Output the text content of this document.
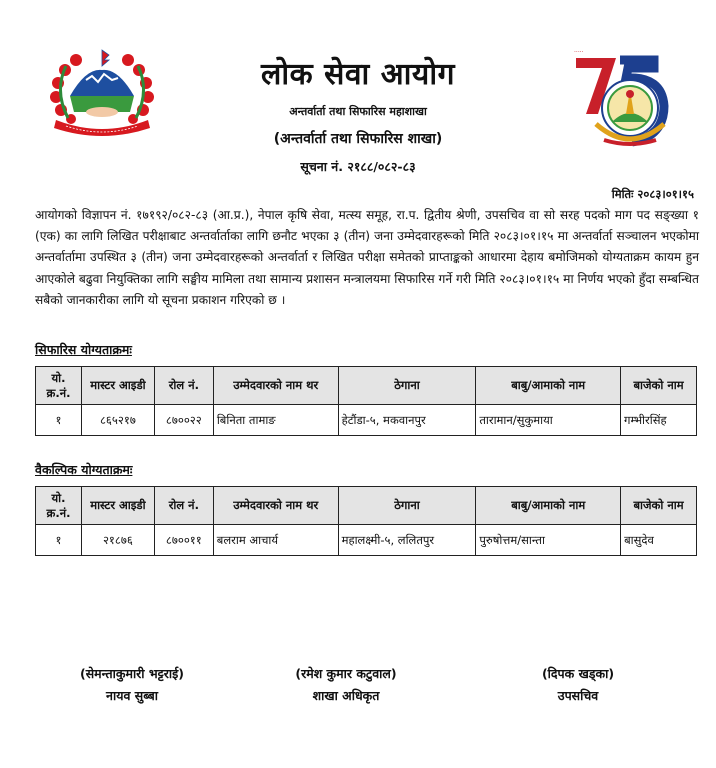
·····
लोक सेवा आयोग
अन्तर्वार्ता तथा सिफारिस महाशाखा
(अन्तर्वार्ता तथा सिफारिस शाखा)
सूचना नं. २१८८/०८२-८३
मितिः २०८३।०१।१५

आयोगको विज्ञापन नं. १७१९२/०८२-८३ (आ.प्र.), नेपाल कृषि सेवा, मत्स्य समूह, रा.प. द्वितीय श्रेणी, उपसचिव वा सो सरह पदको माग पद सङ्ख्या १ (एक) का लागि लिखित परीक्षाबाट अन्तर्वार्ताका लागि छनौट भएका ३ (तीन) जना उम्मेदवारहरूको मिति २०८३।०१।१५ मा अन्तर्वार्ता सञ्चालन भएकोमा अन्तर्वार्तामा उपस्थित ३ (तीन) जना उम्मेदवारहरूको अन्तर्वार्ता र लिखित परीक्षा समेतको प्राप्ताङ्कको आधारमा देहाय बमोजिमको योग्यताक्रम कायम हुन आएकोले बढुवा नियुक्तिका लागि सङ्घीय मामिला तथा सामान्य प्रशासन मन्त्रालयमा सिफारिस गर्ने गरी मिति २०८३।०१।१५ मा निर्णय भएको हुँदा सम्बन्धित सबैको जानकारीका लागि यो सूचना प्रकाशन गरिएको छ ।

सिफारिस योग्यताक्रमः
यो. क्र.नं.	मास्टर आइडी	रोल नं.	उम्मेदवारको नाम थर	ठेगाना	बाबु/आमाको नाम	बाजेको नाम
१	८६५२१७	८७००२२	बिनिता तामाङ	हेटौंडा-५, मकवानपुर	तारामान/सुकुमाया	गम्भीरसिंह
वैकल्पिक योग्यताक्रमः
यो. क्र.नं.	मास्टर आइडी	रोल नं.	उम्मेदवारको नाम थर	ठेगाना	बाबु/आमाको नाम	बाजेको नाम
१	२१८७६	८७००११	बलराम आचार्य	महालक्ष्मी-५, ललितपुर	पुरुषोत्तम/सान्ता	बासुदेव
(सेमन्ताकुमारी भट्टराई)
नायव सुब्बा
(रमेश कुमार कटुवाल)
शाखा अधिकृत
(दिपक खड्का)
उपसचिव
